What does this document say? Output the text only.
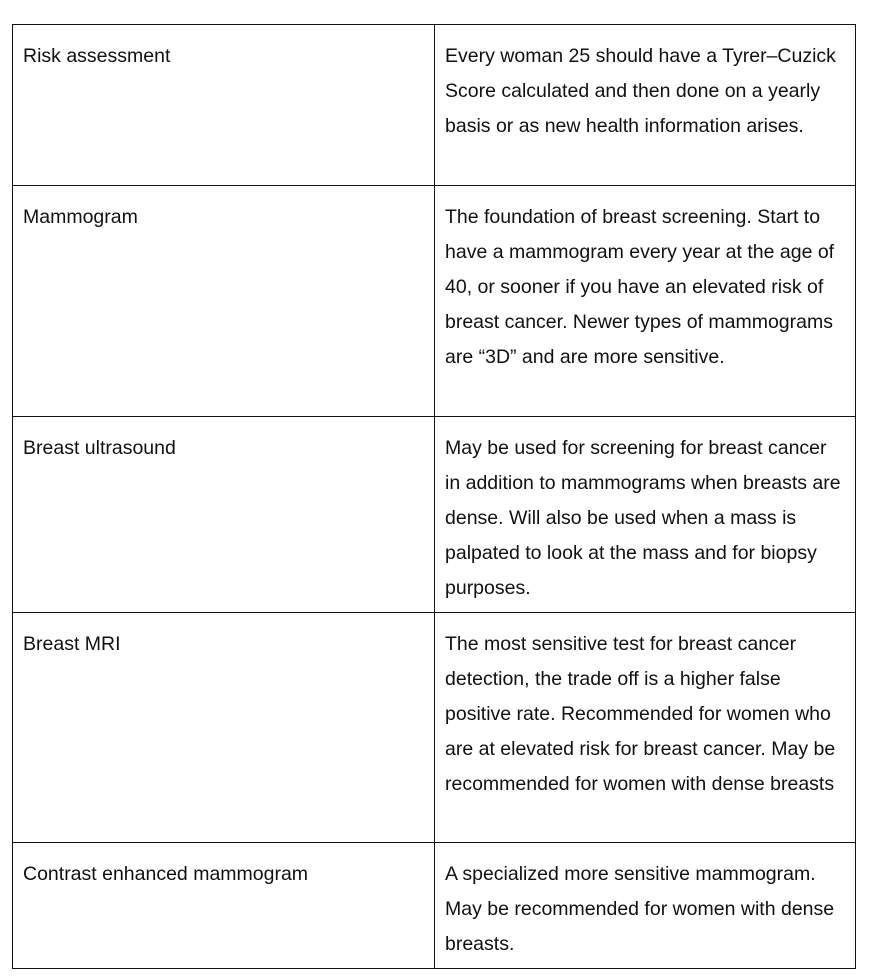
Risk assessment	Every woman 25 should have a Tyrer–Cuzick Score calculated and then done on a yearly basis or as new health information arises.
Mammogram	The foundation of breast screening. Start to have a mammogram every year at the age of 40, or sooner if you have an elevated risk of breast cancer. Newer types of mammograms are “3D” and are more sensitive.
Breast ultrasound	May be used for screening for breast cancer in addition to mammograms when breasts are dense. Will also be used when a mass is palpated to look at the mass and for biopsy purposes.
Breast MRI	The most sensitive test for breast cancer detection, the trade off is a higher false positive rate. Recommended for women who are at elevated risk for breast cancer. May be recommended for women with dense breasts
Contrast enhanced mammogram	A specialized more sensitive mammogram. May be recommended for women with dense breasts.
